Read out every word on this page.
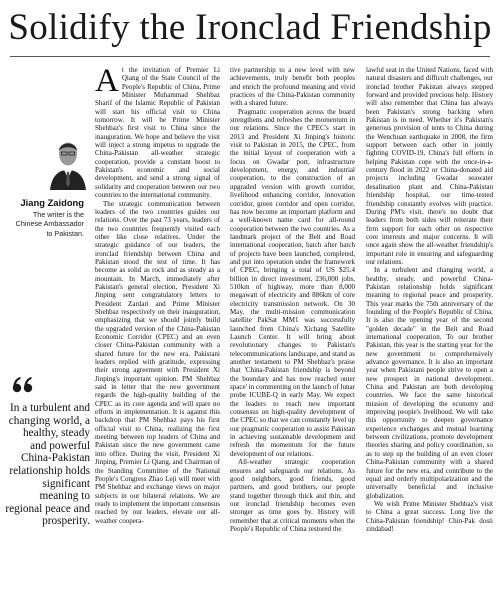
Solidify the Ironclad Friendship
Jiang Zaidong
The writer is the Chinese Ambassador to Pakistan.
In a turbulent and changing world, a healthy, steady and powerful China-Pakistan relationship holds significant meaning to regional peace and prosperity.

At the invitation of Premier Li Qiang of the State Council of the People's Republic of China, Prime Minister Muhammad Shehbaz Sharif of the Islamic Republic of Pakistan will start his official visit to China tomorrow. It will be Prime Minister Shehbaz's first visit to China since the inauguration. We hope and believe the visit will inject a strong impetus to upgrade the China-Pakistan all-weather strategic cooperation, provide a constant boost to Pakistan's economic and social development, and send a strong signal of solidarity and cooperation between our two countries to the international community.

The strategic communication between leaders of the two countries guides our relations. Over the past 73 years, leaders of the two countries frequently visited each other like close relatives. Under the strategic guidance of our leaders, the ironclad friendship between China and Pakistan stood the test of time. It has become as solid as rock and as steady as a mountain. In March, immediately after Pakistan's general election, President Xi Jinping sent congratulatory letters to President Zardari and Prime Minister Shehbaz respectively on their inauguration, emphasizing that we should jointly build the upgraded version of the China-Pakistan Economic Corridor (CPEC) and an even closer China-Pakistan community with a shared future for the new era. Pakistani leaders replied with gratitude, expressing their strong agreement with President Xi Jinping's important opinion. PM Shehbaz said in letter that the new government regards the high-quality building of the CPEC as its core agenda and will spare no efforts in implementation. It is against this backdrop that PM Shehbaz pays his first official visit to China, realizing the first meeting between top leaders of China and Pakistan since the new government came into office. During the visit, President Xi Jinping, Premier Li Qiang, and Chairman of the Standing Committee of the National People's Congress Zhao Leji will meet with PM Shehbaz and exchange views on major subjects in our bilateral relations. We are ready to implement the important consensus reached by our leaders, elevate our all-weather coopera-

tive partnership to a new level with new achievements, truly benefit both peoples and enrich the profound meaning and vivid practices of the China-Pakistan community with a shared future.

Pragmatic cooperation across the board strengthens and refreshes the momentum in our relations. Since the CPEC's start in 2013 and President Xi Jinping's historic visit to Pakistan in 2015, the CPEC, from the initial layout of cooperation with a focus on Gwadar port, infrastructure development, energy, and industrial cooperation, to the construction of an upgraded version with growth corridor, livelihood enhancing corridor, innovation corridor, green corridor and open corridor, has now become an important platform and a well-known name card for all-round cooperation between the two countries. As a landmark project of the Belt and Road international cooperation, batch after batch of projects have been launched, completed, and put into operation under the framework of CPEC, bringing a total of US $25.4 billion in direct investment, 236,000 jobs, 510km of highway, more than 8,000 megawatt of electricity and 886km of core electricity transmission network. On 30 May, the multi-mission communication satellite PakSat MM1 was successfully launched from China's Xichang Satellite Launch Center. It will bring about revolutionary changes to Pakistan's telecommunications landscape, and stand as another testament to PM Shehbaz's praise that 'China-Pakistan friendship is beyond the boundary and has now reached outer space' in commenting on the launch of lunar probe ICUBE-Q in early May. We expect the leaders to reach new important consensus on high-quality development of the CPEC so that we can constantly level up our pragmatic cooperation to assist Pakistan in achieving sustainable development and refresh the momentum for the future development of our relations.

All-weather strategic cooperation ensures and safeguards our relations. As good neighbors, good friends, good partners, and good brothers, our people stand together through thick and thin, and our ironclad friendship becomes even stronger as time goes by. History will remember that at critical moments when the People's Republic of China restored the

lawful seat in the United Nations, faced with natural disasters and difficult challenges, our ironclad brother Pakistan always stepped forward and provided precious help. History will also remember that China has always been Pakistan's strong backing when Pakistan is in need. Whether it's Pakistan's generous provision of tents to China during the Wenchuan earthquake in 2008, the firm support between each other in jointly fighting COVID-19, China's full efforts in helping Pakistan cope with the once-in-a-century flood in 2022 or China-donated aid projects including Gwadar seawater desalination plant and China-Pakistan friendship hospital, our time-tested friendship constantly evolves with practice. During PM's visit, there's no doubt that leaders from both sides will reiterate their firm support for each other on respective core interests and major concerns. It will once again show the all-weather friendship's important role in ensuring and safeguarding our relations.

In a turbulent and changing world, a healthy, steady, and powerful China-Pakistan relationship holds significant meaning to regional peace and prosperity. This year marks the 75th anniversary of the founding of the People's Republic of China. It is also the opening year of the second "golden decade" in the Belt and Road international cooperation. To our brother Pakistan, this year is the starting year for the new government to comprehensively advance governance. It is also an important year when Pakistani people strive to open a new prospect in national development. China and Pakistan are both developing countries. We face the same historical mission of developing the economy and improving people's livelihood. We will take this opportunity to deepen governance experience exchanges and mutual learning between civilizations, promote development theories sharing and policy coordination, so as to step up the building of an even closer China-Pakistan community with a shared future for the new era, and contribute to the equal and orderly multipolarization and the universally beneficial and inclusive globalization.

We wish Prime Minister Shehbaz's visit to China a great success. Long live the China-Pakistan friendship! Chin-Pak dosti zindabad!
